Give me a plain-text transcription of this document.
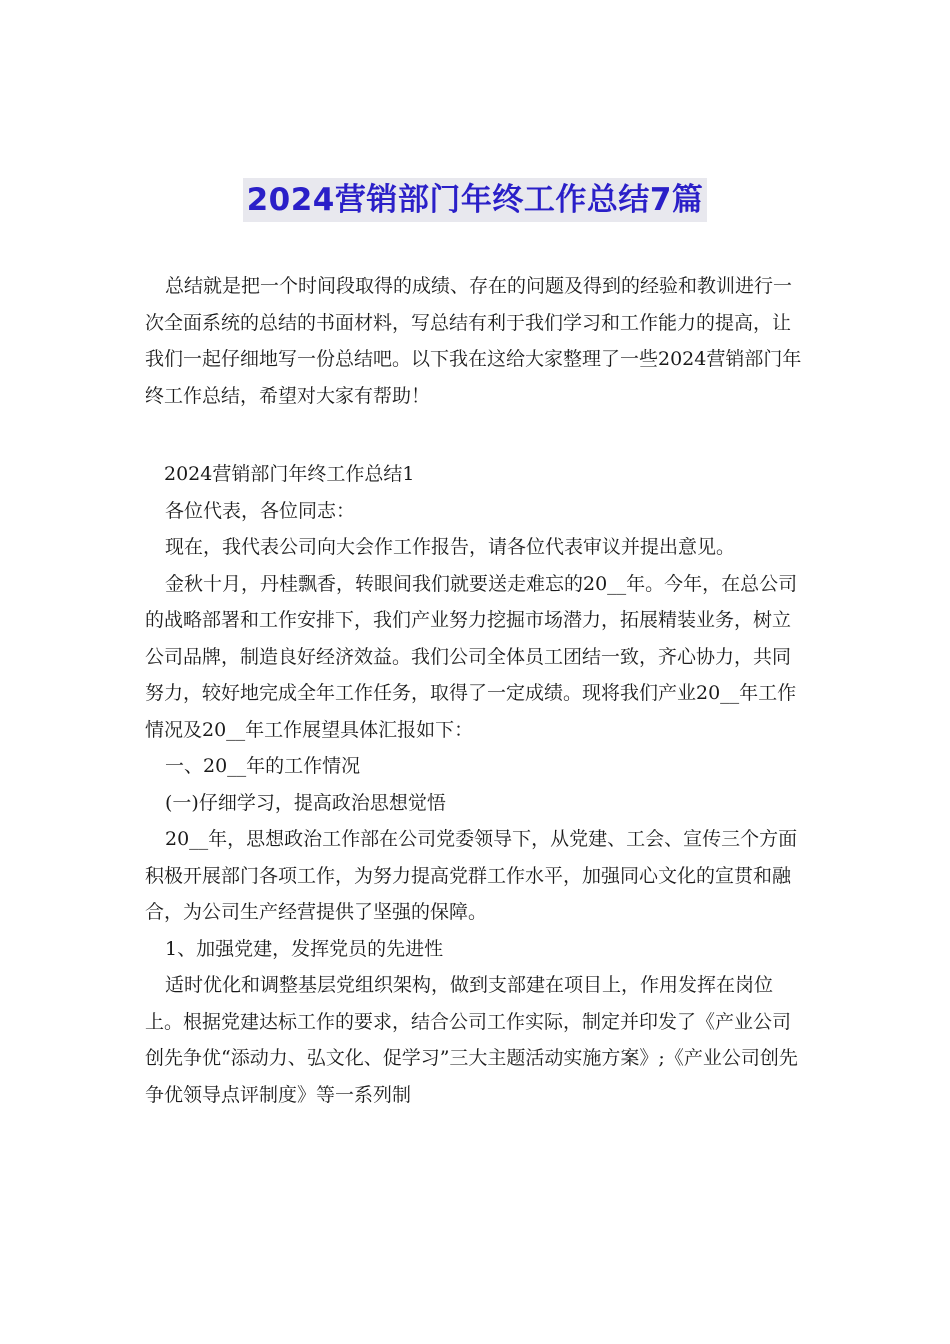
2024营销部门年终工作总结7篇

总结就是把一个时间段取得的成绩、存在的问题及得到的经验和教训进行一次全面系统的总结的书面材料，写总结有利于我们学习和工作能力的提高，让我们一起仔细地写一份总结吧。以下我在这给大家整理了一些2024营销部门年终工作总结，希望对大家有帮助！

2024营销部门年终工作总结1

各位代表，各位同志：

现在，我代表公司向大会作工作报告，请各位代表审议并提出意见。

金秋十月，丹桂飘香，转眼间我们就要送走难忘的20__年。今年，在总公司的战略部署和工作安排下，我们产业努力挖掘市场潜力，拓展精装业务，树立公司品牌，制造良好经济效益。我们公司全体员工团结一致，齐心协力，共同努力，较好地完成全年工作任务，取得了一定成绩。现将我们产业20__年工作情况及20__年工作展望具体汇报如下：

一、20__年的工作情况

(一)仔细学习，提高政治思想觉悟

20__年，思想政治工作部在公司党委领导下，从党建、工会、宣传三个方面积极开展部门各项工作，为努力提高党群工作水平，加强同心文化的宣贯和融合，为公司生产经营提供了坚强的保障。

1、加强党建，发挥党员的先进性

适时优化和调整基层党组织架构，做到支部建在项目上，作用发挥在岗位上。根据党建达标工作的要求，结合公司工作实际，制定并印发了《产业公司创先争优“添动力、弘文化、促学习”三大主题活动实施方案》;《产业公司创先争优领导点评制度》等一系列制
